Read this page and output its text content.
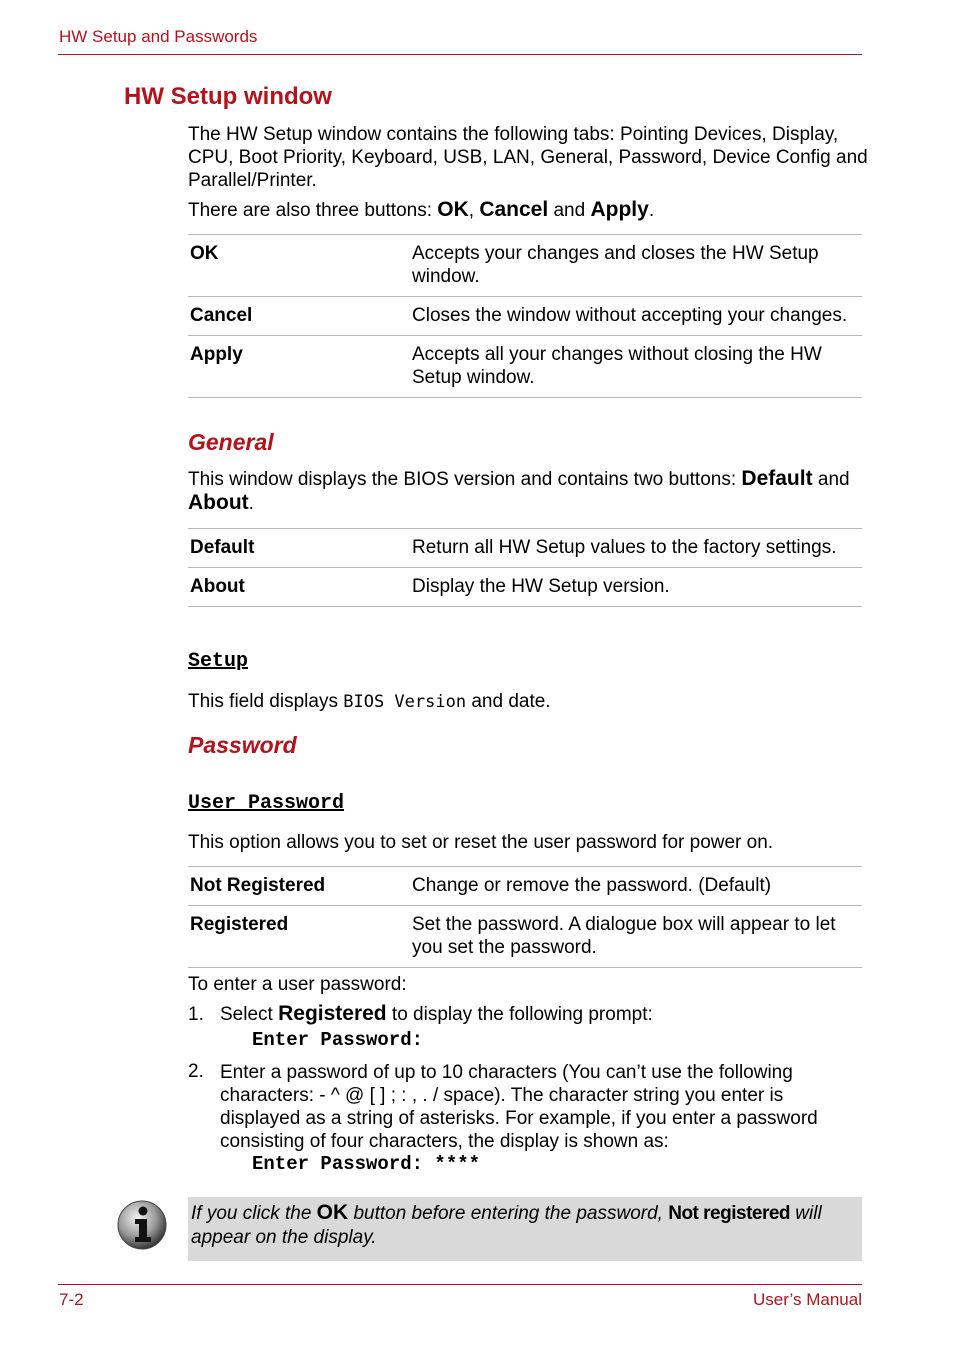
HW Setup and Passwords
HW Setup window

The HW Setup window contains the following tabs: Pointing Devices, Display, CPU, Boot Priority, Keyboard, USB, LAN, General, Password, Device Config and Parallel/Printer.

There are also three buttons: OK, Cancel and Apply.

OK	Accepts your changes and closes the HW Setup window.
Cancel	Closes the window without accepting your changes.
Apply	Accepts all your changes without closing the HW Setup window.
General

This window displays the BIOS version and contains two buttons: Default and About.

Default	Return all HW Setup values to the factory settings.
About	Display the HW Setup version.
Setup

This field displays BIOS Version and date.

Password
User Password

This option allows you to set or reset the user password for power on.

Not Registered	Change or remove the password. (Default)
Registered	Set the password. A dialogue box will appear to let you set the password.

To enter a user password:

1. Select Registered to display the following prompt:

Enter Password:
2. Enter a password of up to 10 characters (You can’t use the following characters: - ^ @ [ ] ; : , . / space). The character string you enter is displayed as a string of asterisks. For example, if you enter a password consisting of four characters, the display is shown as:

Enter Password: ****

If you click the OK button before entering the password, Not registered will appear on the display.

7-2	User’s Manual
